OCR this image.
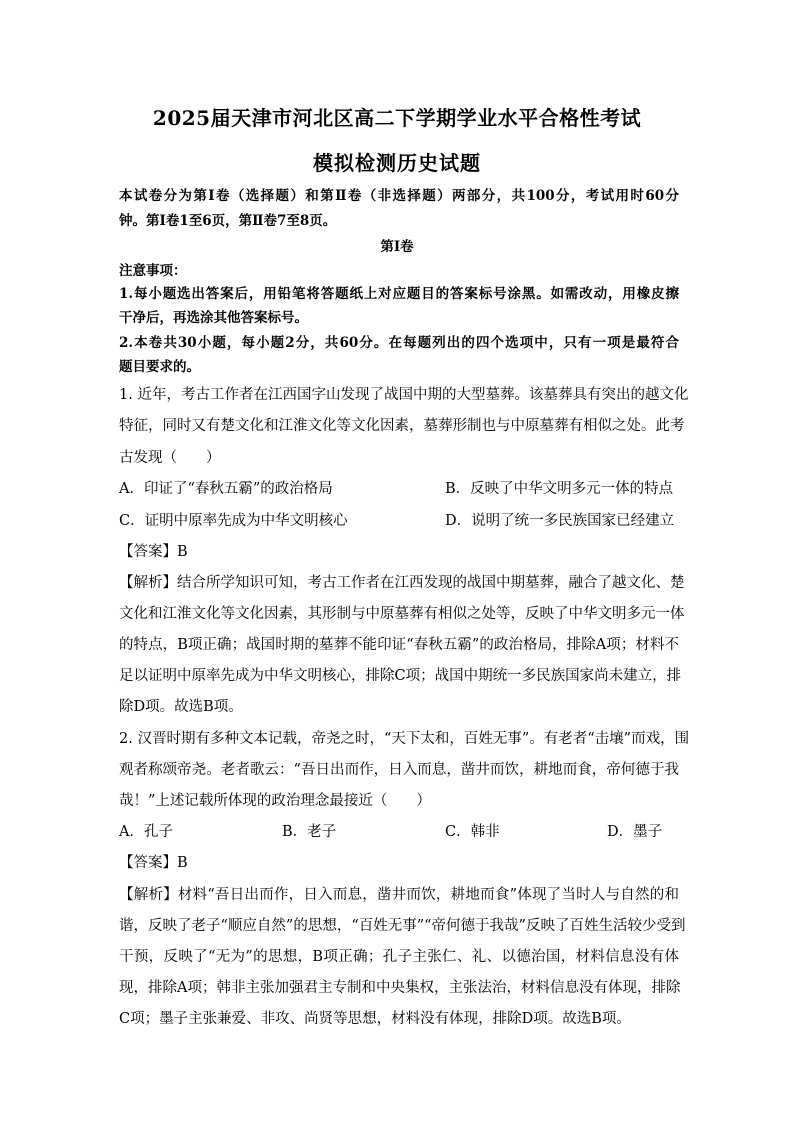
2025届天津市河北区高二下学期学业水平合格性考试
模拟检测历史试题
本试卷分为第Ⅰ卷（选择题）和第Ⅱ卷（非选择题）两部分，共100分，考试用时60分
钟。第Ⅰ卷1至6页，第Ⅱ卷7至8页。
第Ⅰ卷
注意事项：
1.每小题选出答案后，用铅笔将答题纸上对应题目的答案标号涂黑。如需改动，用橡皮擦
干净后，再选涂其他答案标号。
2.本卷共30小题，每小题2分，共60分。在每题列出的四个选项中，只有一项是最符合
题目要求的。
1. 近年，考古工作者在江西国字山发现了战国中期的大型墓葬。该墓葬具有突出的越文化
特征，同时又有楚文化和江淮文化等文化因素，墓葬形制也与中原墓葬有相似之处。此考
古发现（　　）
A．印证了“春秋五霸”的政治格局	B．反映了中华文明多元一体的特点
C．证明中原率先成为中华文明核心	D．说明了统一多民族国家已经建立
【答案】B
【解析】结合所学知识可知，考古工作者在江西发现的战国中期墓葬，融合了越文化、楚
文化和江淮文化等文化因素，其形制与中原墓葬有相似之处等，反映了中华文明多元一体
的特点，B项正确；战国时期的墓葬不能印证“春秋五霸”的政治格局，排除A项；材料不
足以证明中原率先成为中华文明核心，排除C项；战国中期统一多民族国家尚未建立，排
除D项。故选B项。
2. 汉晋时期有多种文本记载，帝尧之时，“天下太和，百姓无事”。有老者“击壤”而戏，围
观者称颂帝尧。老者歌云：“吾日出而作，日入而息，凿井而饮，耕地而食，帝何德于我
哉！”上述记载所体现的政治理念最接近（　　）
A．孔子	B．老子	C．韩非	D．墨子
【答案】B
【解析】材料“吾日出而作，日入而息，凿井而饮，耕地而食”体现了当时人与自然的和
谐，反映了老子“顺应自然”的思想，“百姓无事”“帝何德于我哉”反映了百姓生活较少受到
干预，反映了“无为”的思想，B项正确；孔子主张仁、礼、以德治国，材料信息没有体
现，排除A项；韩非主张加强君主专制和中央集权，主张法治，材料信息没有体现，排除
C项；墨子主张兼爱、非攻、尚贤等思想，材料没有体现，排除D项。故选B项。
